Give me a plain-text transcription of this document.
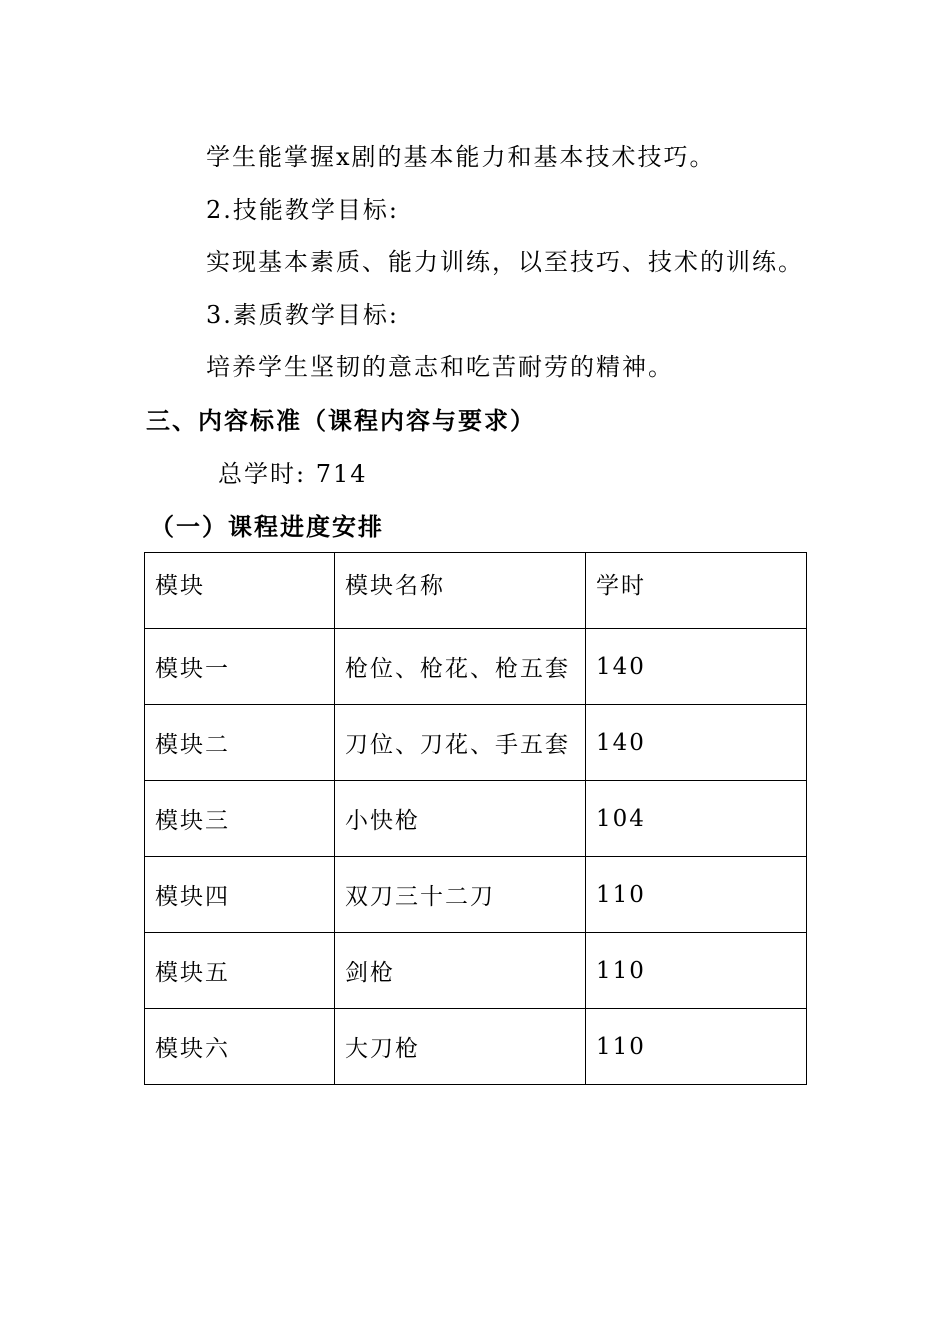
学生能掌握x剧的基本能力和基本技术技巧。
2.技能教学目标:
实现基本素质、能力训练，以至技巧、技术的训练。
3.素质教学目标:
培养学生坚韧的意志和吃苦耐劳的精神。
三、内容标准（课程内容与要求）
总学时: 714
（一）课程进度安排
模块	模块名称	学时
模块一	枪位、枪花、枪五套	140
模块二	刀位、刀花、手五套	140
模块三	小快枪	104
模块四	双刀三十二刀	110
模块五	剑枪	110
模块六	大刀枪	110
